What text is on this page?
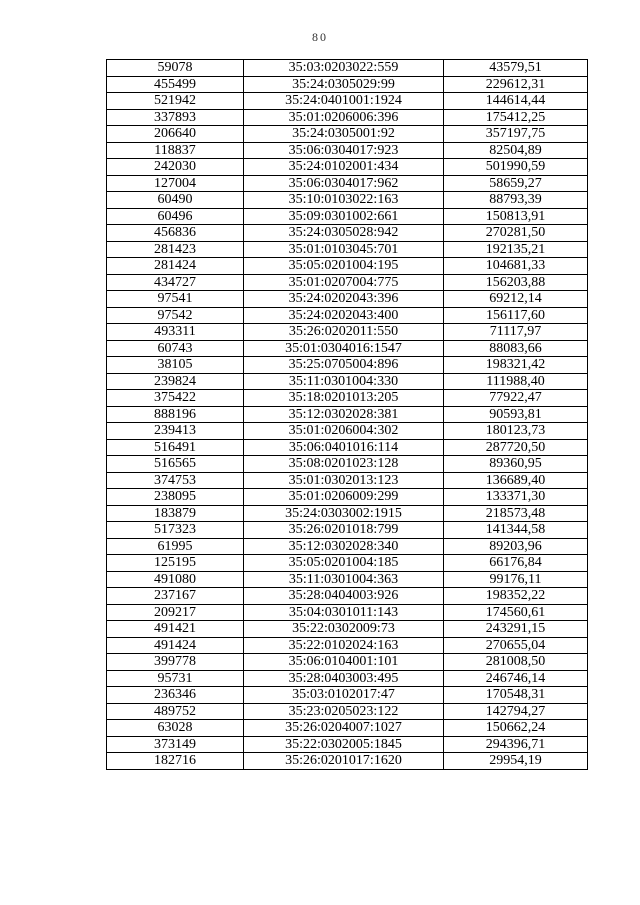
80
59078	35:03:0203022:559	43579,51
455499	35:24:0305029:99	229612,31
521942	35:24:0401001:1924	144614,44
337893	35:01:0206006:396	175412,25
206640	35:24:0305001:92	357197,75
118837	35:06:0304017:923	82504,89
242030	35:24:0102001:434	501990,59
127004	35:06:0304017:962	58659,27
60490	35:10:0103022:163	88793,39
60496	35:09:0301002:661	150813,91
456836	35:24:0305028:942	270281,50
281423	35:01:0103045:701	192135,21
281424	35:05:0201004:195	104681,33
434727	35:01:0207004:775	156203,88
97541	35:24:0202043:396	69212,14
97542	35:24:0202043:400	156117,60
493311	35:26:0202011:550	71117,97
60743	35:01:0304016:1547	88083,66
38105	35:25:0705004:896	198321,42
239824	35:11:0301004:330	111988,40
375422	35:18:0201013:205	77922,47
888196	35:12:0302028:381	90593,81
239413	35:01:0206004:302	180123,73
516491	35:06:0401016:114	287720,50
516565	35:08:0201023:128	89360,95
374753	35:01:0302013:123	136689,40
238095	35:01:0206009:299	133371,30
183879	35:24:0303002:1915	218573,48
517323	35:26:0201018:799	141344,58
61995	35:12:0302028:340	89203,96
125195	35:05:0201004:185	66176,84
491080	35:11:0301004:363	99176,11
237167	35:28:0404003:926	198352,22
209217	35:04:0301011:143	174560,61
491421	35:22:0302009:73	243291,15
491424	35:22:0102024:163	270655,04
399778	35:06:0104001:101	281008,50
95731	35:28:0403003:495	246746,14
236346	35:03:0102017:47	170548,31
489752	35:23:0205023:122	142794,27
63028	35:26:0204007:1027	150662,24
373149	35:22:0302005:1845	294396,71
182716	35:26:0201017:1620	29954,19
